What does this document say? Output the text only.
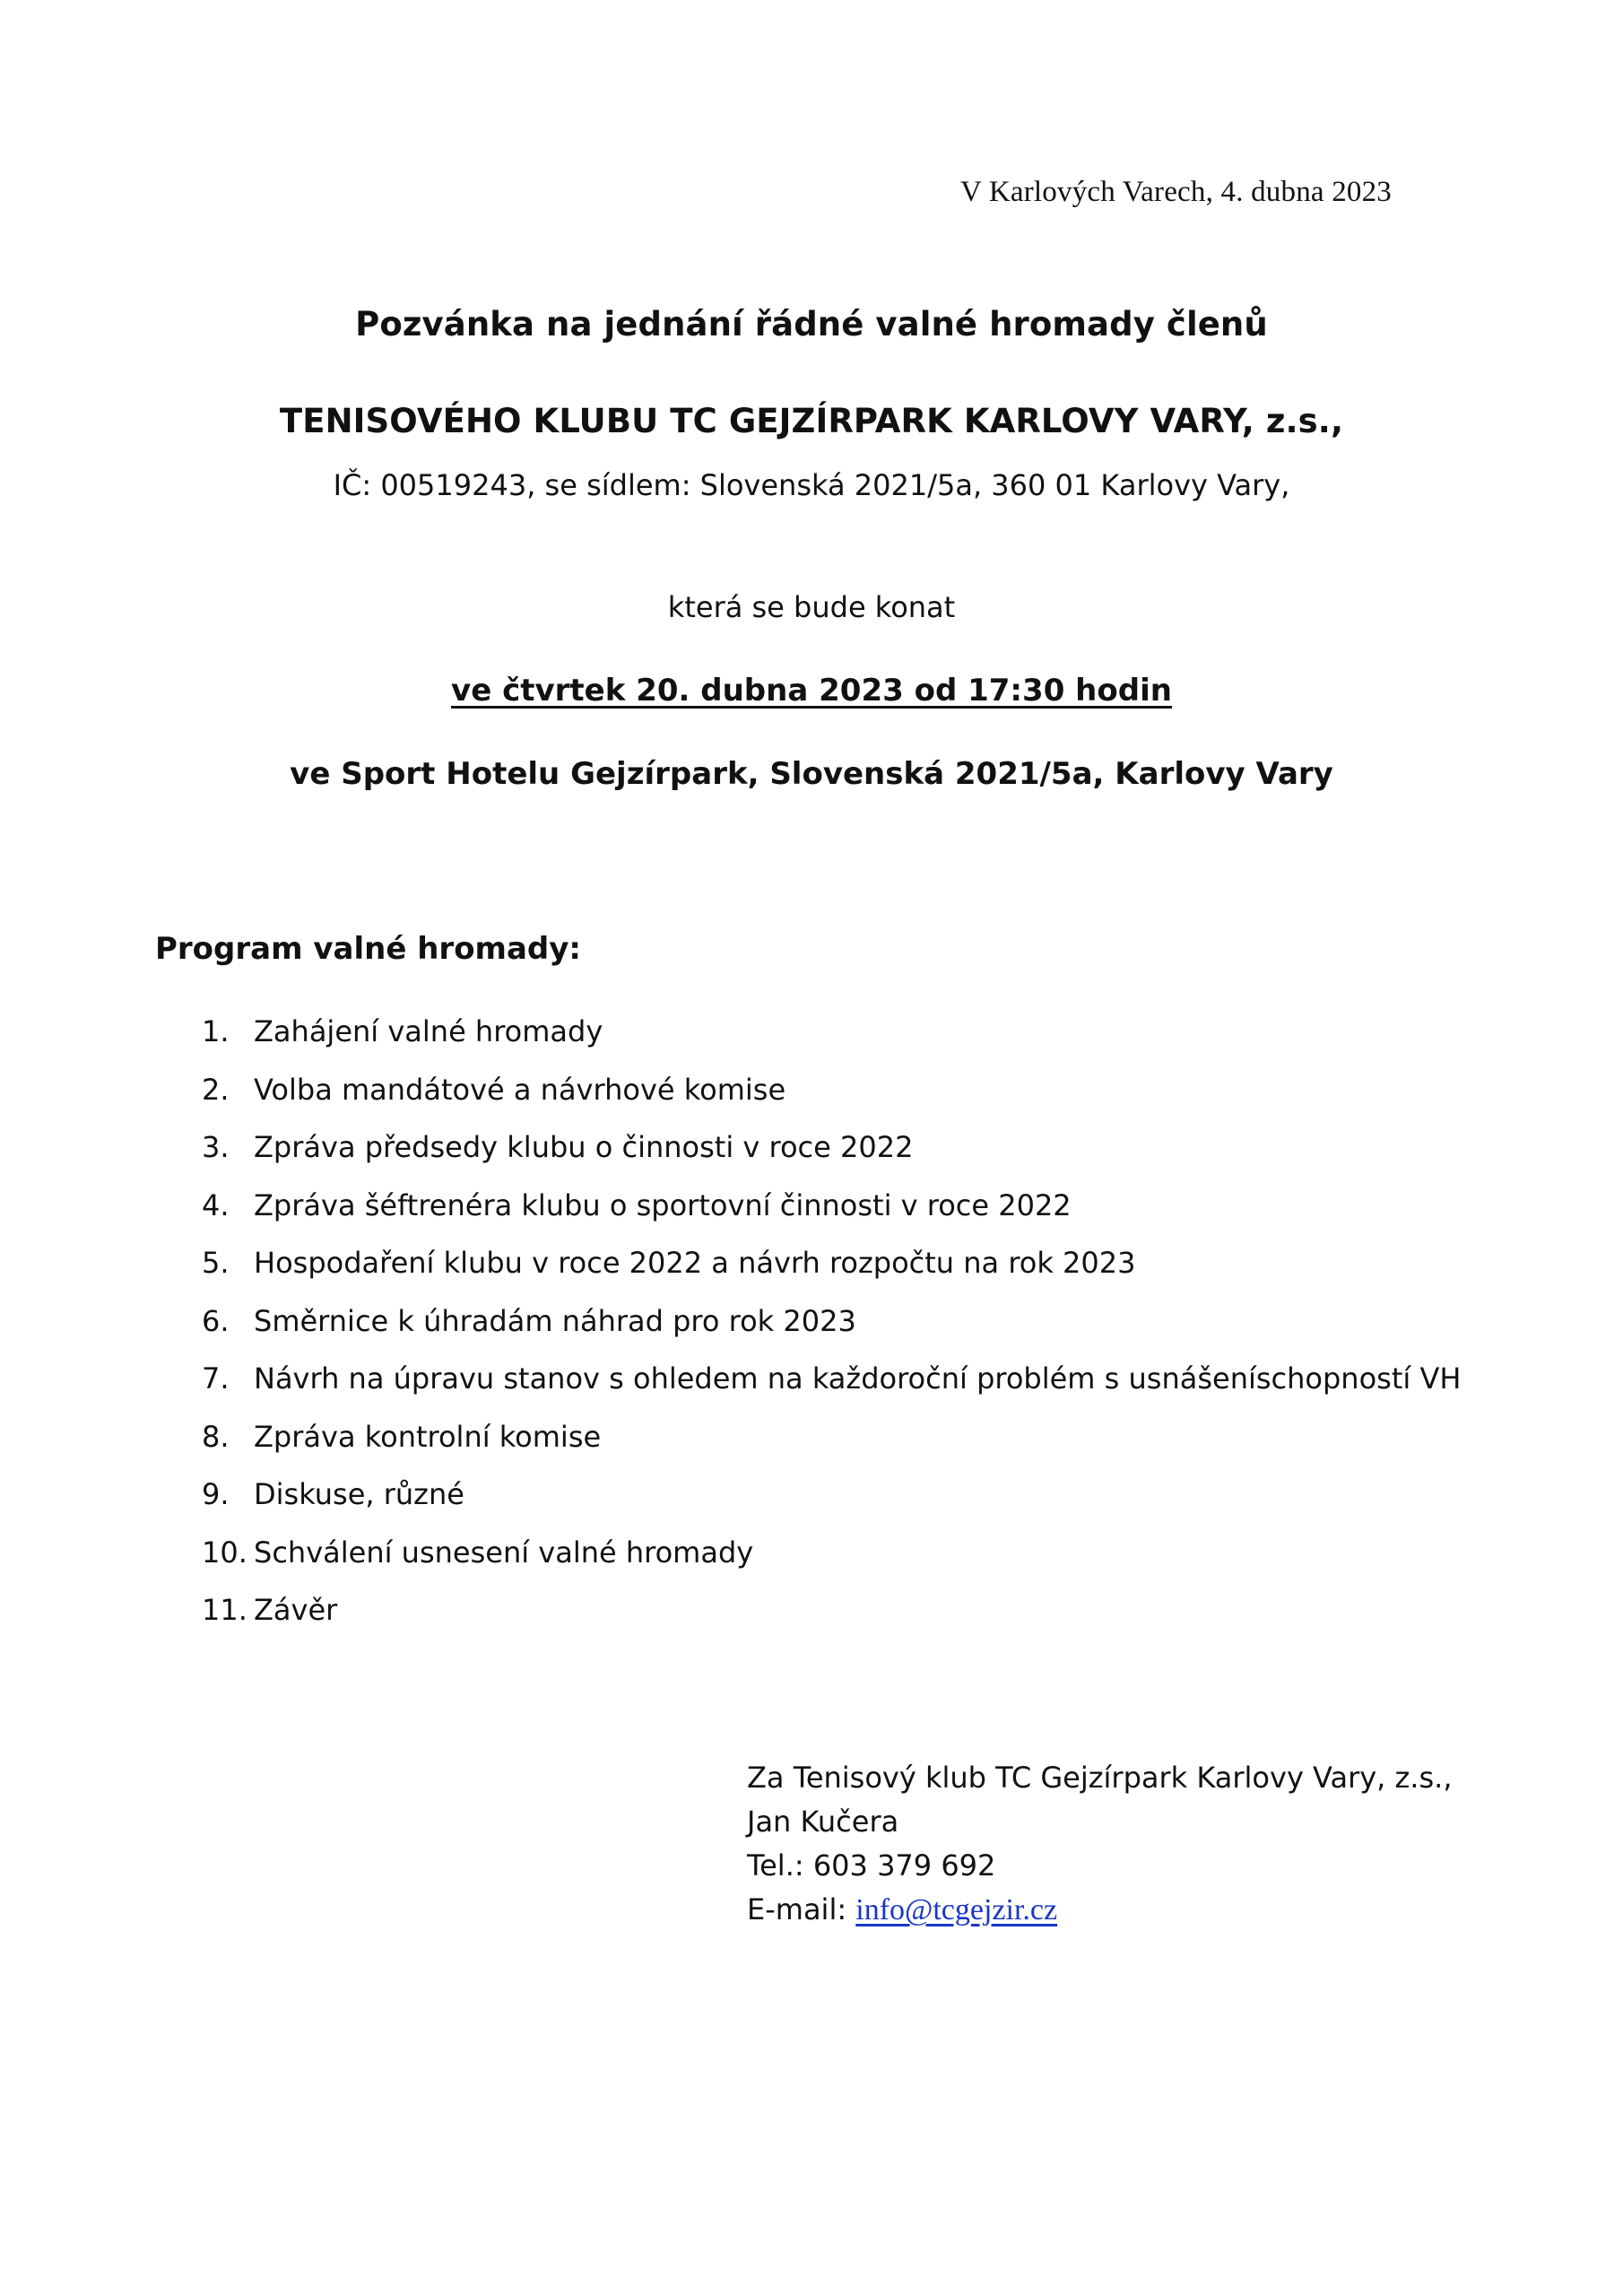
V Karlových Varech, 4. dubna 2023
Pozvánka na jednání řádné valné hromady členů
TENISOVÉHO KLUBU TC GEJZÍRPARK KARLOVY VARY, z.s.,
IČ: 00519243, se sídlem: Slovenská 2021/5a, 360 01 Karlovy Vary,
která se bude konat
ve čtvrtek 20. dubna 2023 od 17:30 hodin
ve Sport Hotelu Gejzírpark, Slovenská 2021/5a, Karlovy Vary
Program valné hromady:
1. Zahájení valné hromady
2. Volba mandátové a návrhové komise
3. Zpráva předsedy klubu o činnosti v roce 2022
4. Zpráva šéftrenéra klubu o sportovní činnosti v roce 2022
5. Hospodaření klubu v roce 2022 a návrh rozpočtu na rok 2023
6. Směrnice k úhradám náhrad pro rok 2023
7. Návrh na úpravu stanov s ohledem na každoroční problém s usnášeníschopností VH
8. Zpráva kontrolní komise
9. Diskuse, různé
10. Schválení usnesení valné hromady
11. Závěr
Za Tenisový klub TC Gejzírpark Karlovy Vary, z.s.,
Jan Kučera
Tel.: 603 379 692
E-mail: info@tcgejzir.cz
